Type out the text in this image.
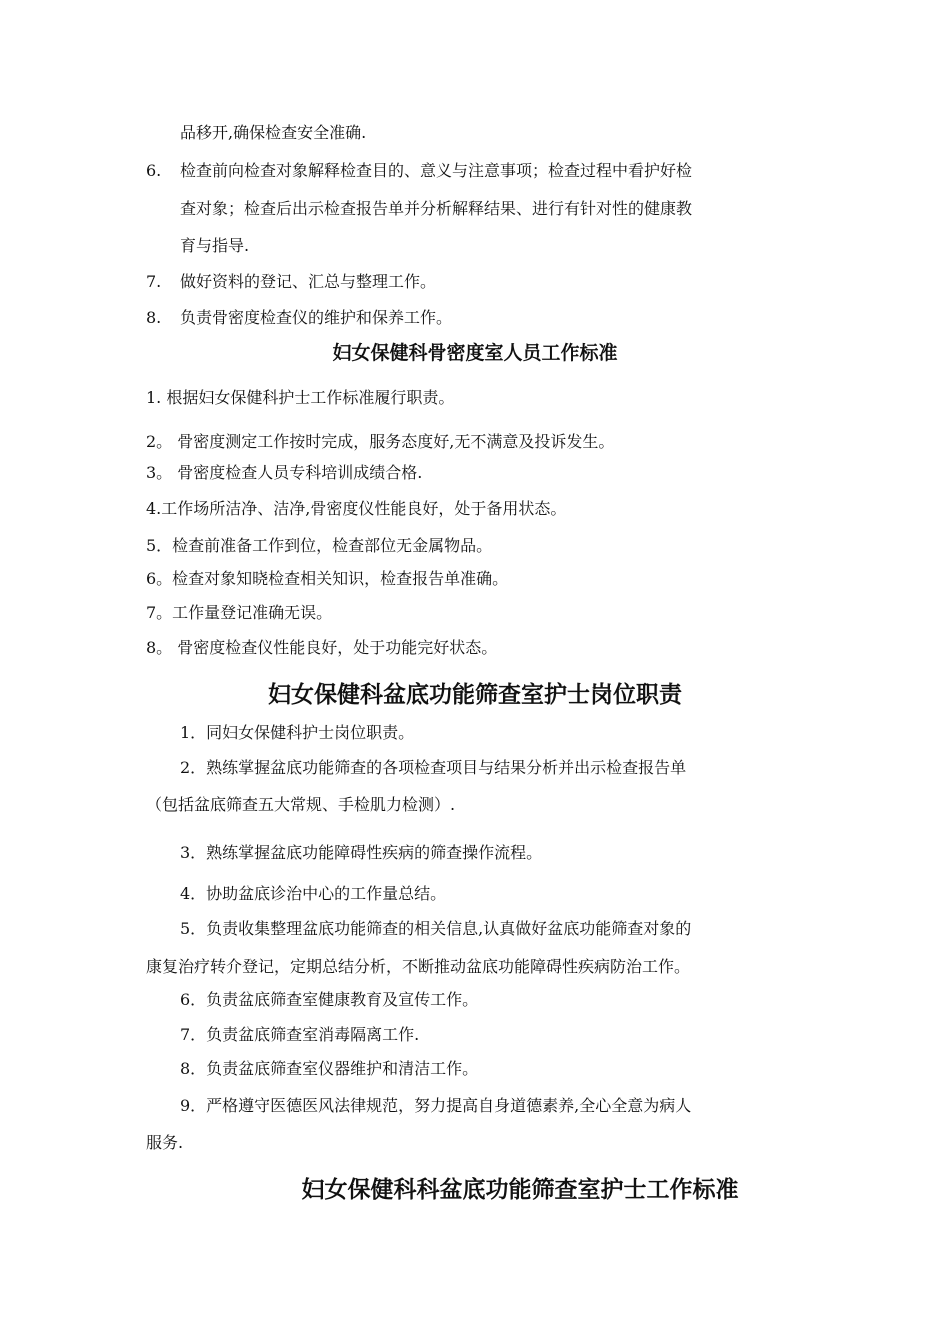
品移开,确保检查安全准确.
6. 检查前向检查对象解释检查目的、意义与注意事项；检查过程中看护好检
查对象；检查后出示检查报告单并分析解释结果、进行有针对性的健康教
育与指导.
7. 做好资料的登记、汇总与整理工作。
8. 负责骨密度检查仪的维护和保养工作。
妇女保健科骨密度室人员工作标准
1. 根据妇女保健科护士工作标准履行职责。
2。 骨密度测定工作按时完成，服务态度好,无不满意及投诉发生。
3。 骨密度检查人员专科培训成绩合格.
4.工作场所洁净、洁净,骨密度仪性能良好，处于备用状态。
5．检查前准备工作到位，检查部位无金属物品。
6。检查对象知晓检查相关知识，检查报告单准确。
7。工作量登记准确无误。
8。 骨密度检查仪性能良好，处于功能完好状态。
妇女保健科盆底功能筛查室护士岗位职责
1．同妇女保健科护士岗位职责。
2．熟练掌握盆底功能筛查的各项检查项目与结果分析并出示检查报告单
（包括盆底筛查五大常规、手检肌力检测）.
3．熟练掌握盆底功能障碍性疾病的筛查操作流程。
4．协助盆底诊治中心的工作量总结。
5．负责收集整理盆底功能筛查的相关信息,认真做好盆底功能筛查对象的
康复治疗转介登记，定期总结分析，不断推动盆底功能障碍性疾病防治工作。
6．负责盆底筛查室健康教育及宣传工作。
7．负责盆底筛查室消毒隔离工作.
8．负责盆底筛查室仪器维护和清洁工作。
9．严格遵守医德医风法律规范，努力提高自身道德素养,全心全意为病人
服务.
妇女保健科科盆底功能筛查室护士工作标准
